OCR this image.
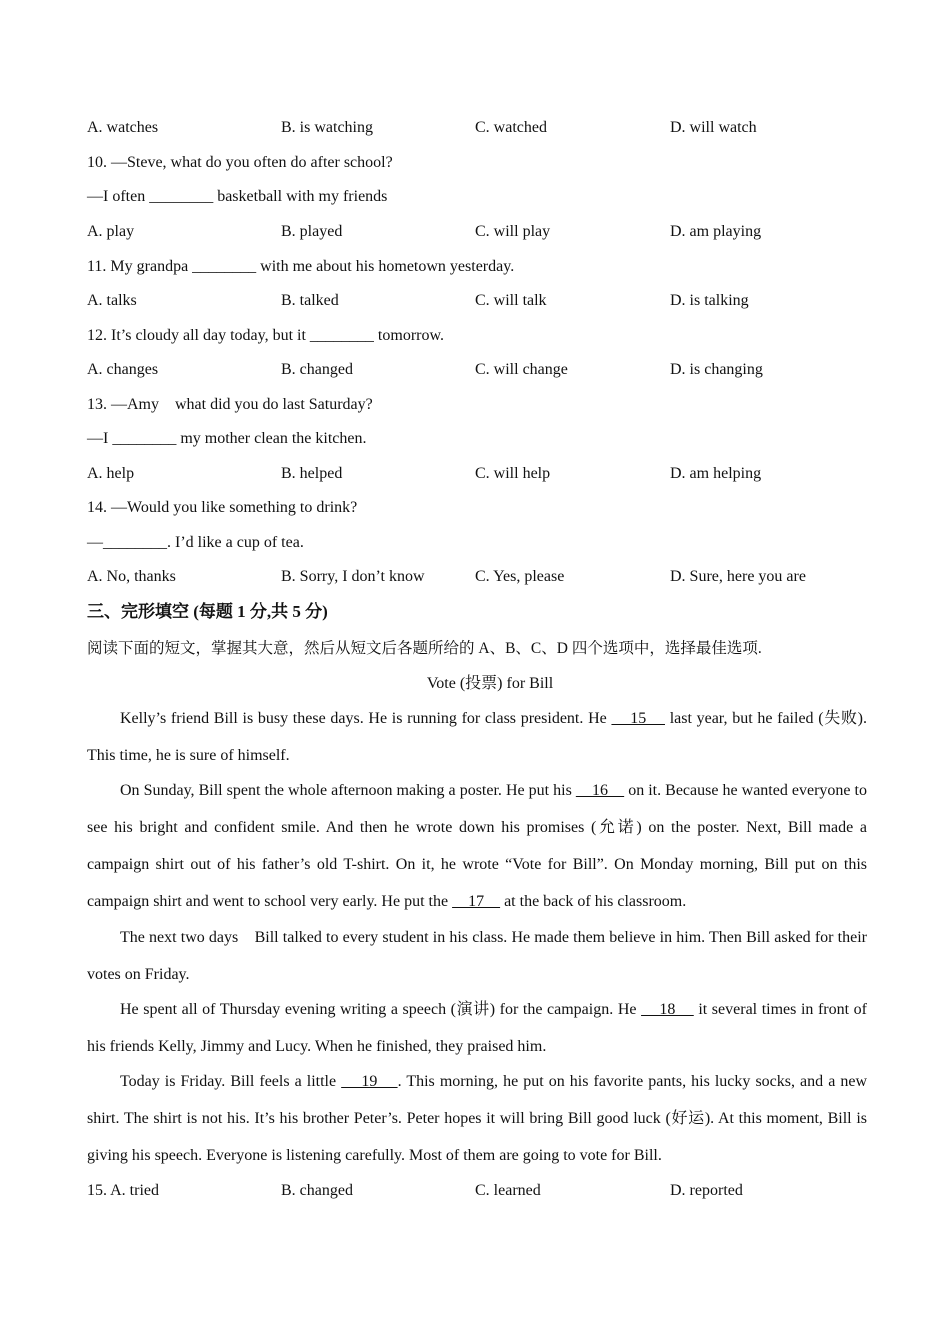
A. watches	B. is watching	C. watched	D. will watch
10. —Steve, what do you often do after school?
—I often ________ basketball with my friends
A. play	B. played	C. will play	D. am playing
11. My grandpa ________ with me about his hometown yesterday.
A. talks	B. talked	C. will talk	D. is talking
12. It’s cloudy all day today, but it ________ tomorrow.
A. changes	B. changed	C. will change	D. is changing
13. —Amy　what did you do last Saturday?
—I ________ my mother clean the kitchen.
A. help	B. helped	C. will help	D. am helping
14. —Would you like something to drink?
—________. I’d like a cup of tea.
A. No, thanks	B. Sorry, I don’t know	C. Yes, please	D. Sure, here you are
三、完形填空 (每题 1 分,共 5 分)
阅读下面的短文，掌握其大意，然后从短文后各题所给的 A、B、C、D 四个选项中，选择最佳选项.
Vote (投票) for Bill
Kelly’s friend Bill is busy these days. He is running for class president. He     15     last year, but he failed (失败). This time, he is sure of himself.
On Sunday, Bill spent the whole afternoon making a poster. He put his     16     on it. Because he wanted everyone to see his bright and confident smile. And then he wrote down his promises (允诺) on the poster. Next, Bill made a campaign shirt out of his father’s old T-shirt. On it, he wrote “Vote for Bill”. On Monday morning, Bill put on this campaign shirt and went to school very early. He put the     17     at the back of his classroom.
The next two days　Bill talked to every student in his class. He made them believe in him. Then Bill asked for their votes on Friday.
He spent all of Thursday evening writing a speech (演讲) for the campaign. He     18     it several times in front of his friends Kelly, Jimmy and Lucy. When he finished, they praised him.
Today is Friday. Bill feels a little     19    . This morning, he put on his favorite pants, his lucky socks, and a new shirt. The shirt is not his. It’s his brother Peter’s. Peter hopes it will bring Bill good luck (好运). At this moment, Bill is giving his speech. Everyone is listening carefully. Most of them are going to vote for Bill.
15. A. tried	B. changed	C. learned	D. reported
